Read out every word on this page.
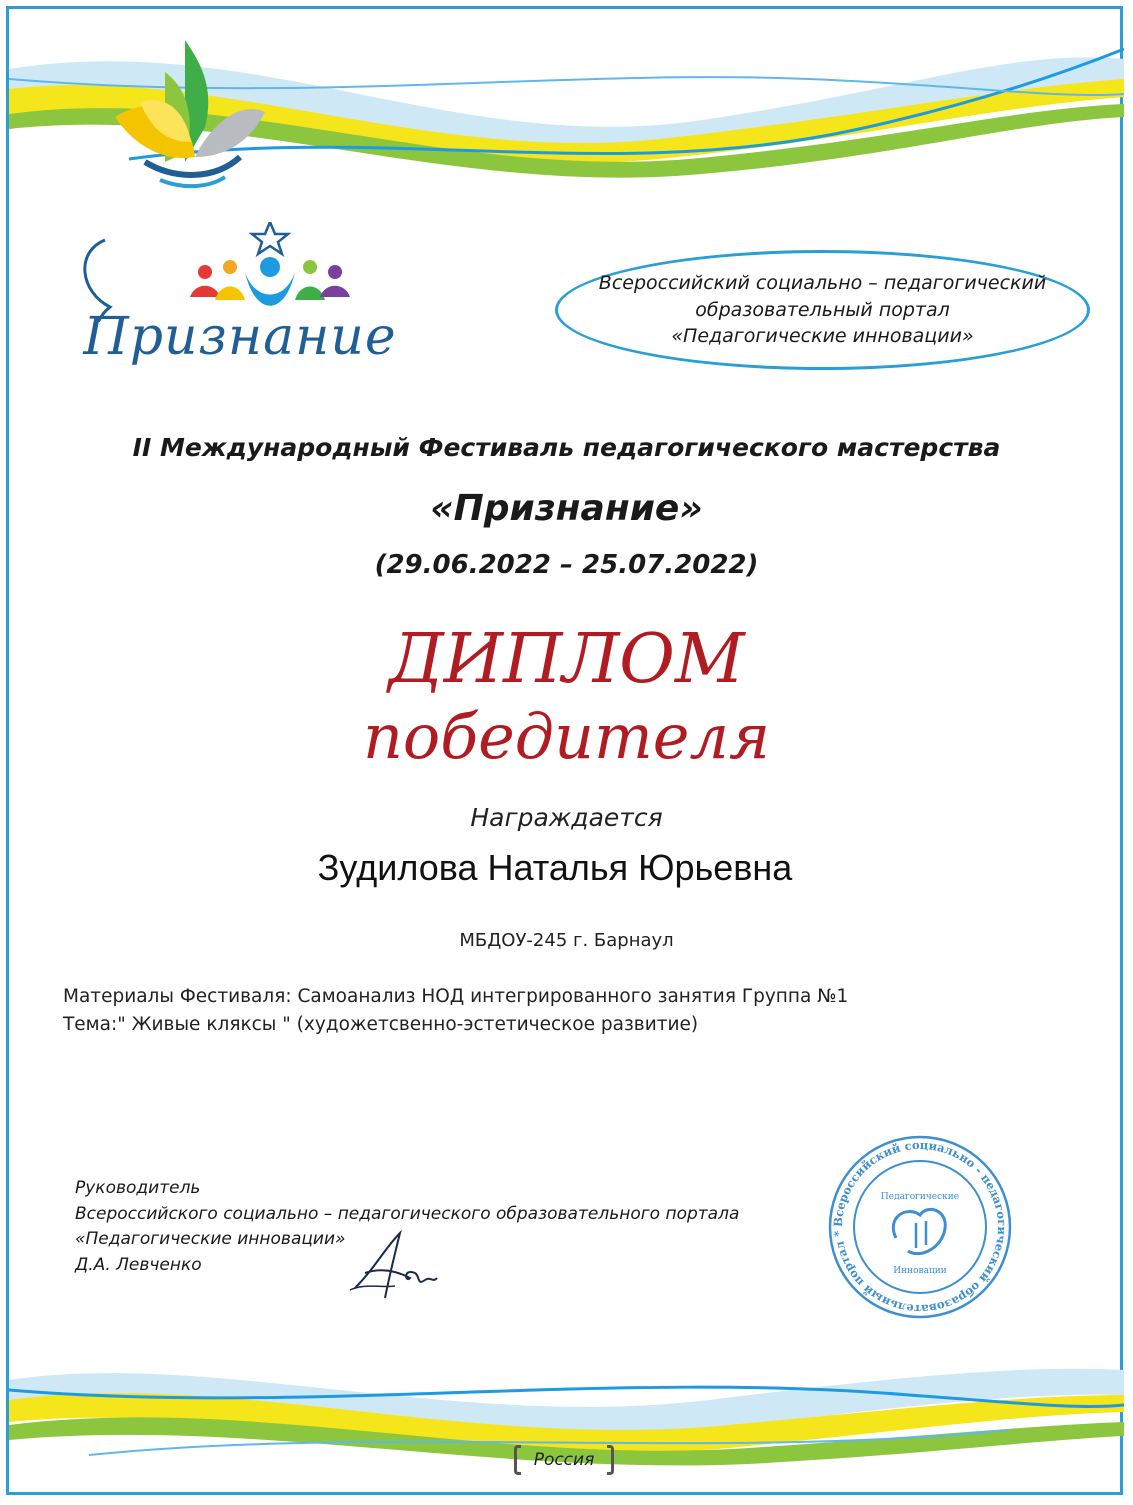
Признание
Всероссийский социально – педагогический
образовательный портал
«Педагогические инновации»
II Международный Фестиваль педагогического мастерства
«Признание»
(29.06.2022 – 25.07.2022)
ДИПЛОМ
победителя
Награждается
Зудилова Наталья Юрьевна
МБДОУ-245 г. Барнаул
Материалы Фестиваля: Самоанализ НОД интегрированного занятия Группа №1
Тема:" Живые кляксы " (художетсвенно-эстетическое развитие)
Руководитель
Всероссийского социально – педагогического образовательного портала
«Педагогические инновации»
Д.А. Левченко
Всероссийский социально - педагогический образовательный портал *
Педагогические
Инновации
Россия
